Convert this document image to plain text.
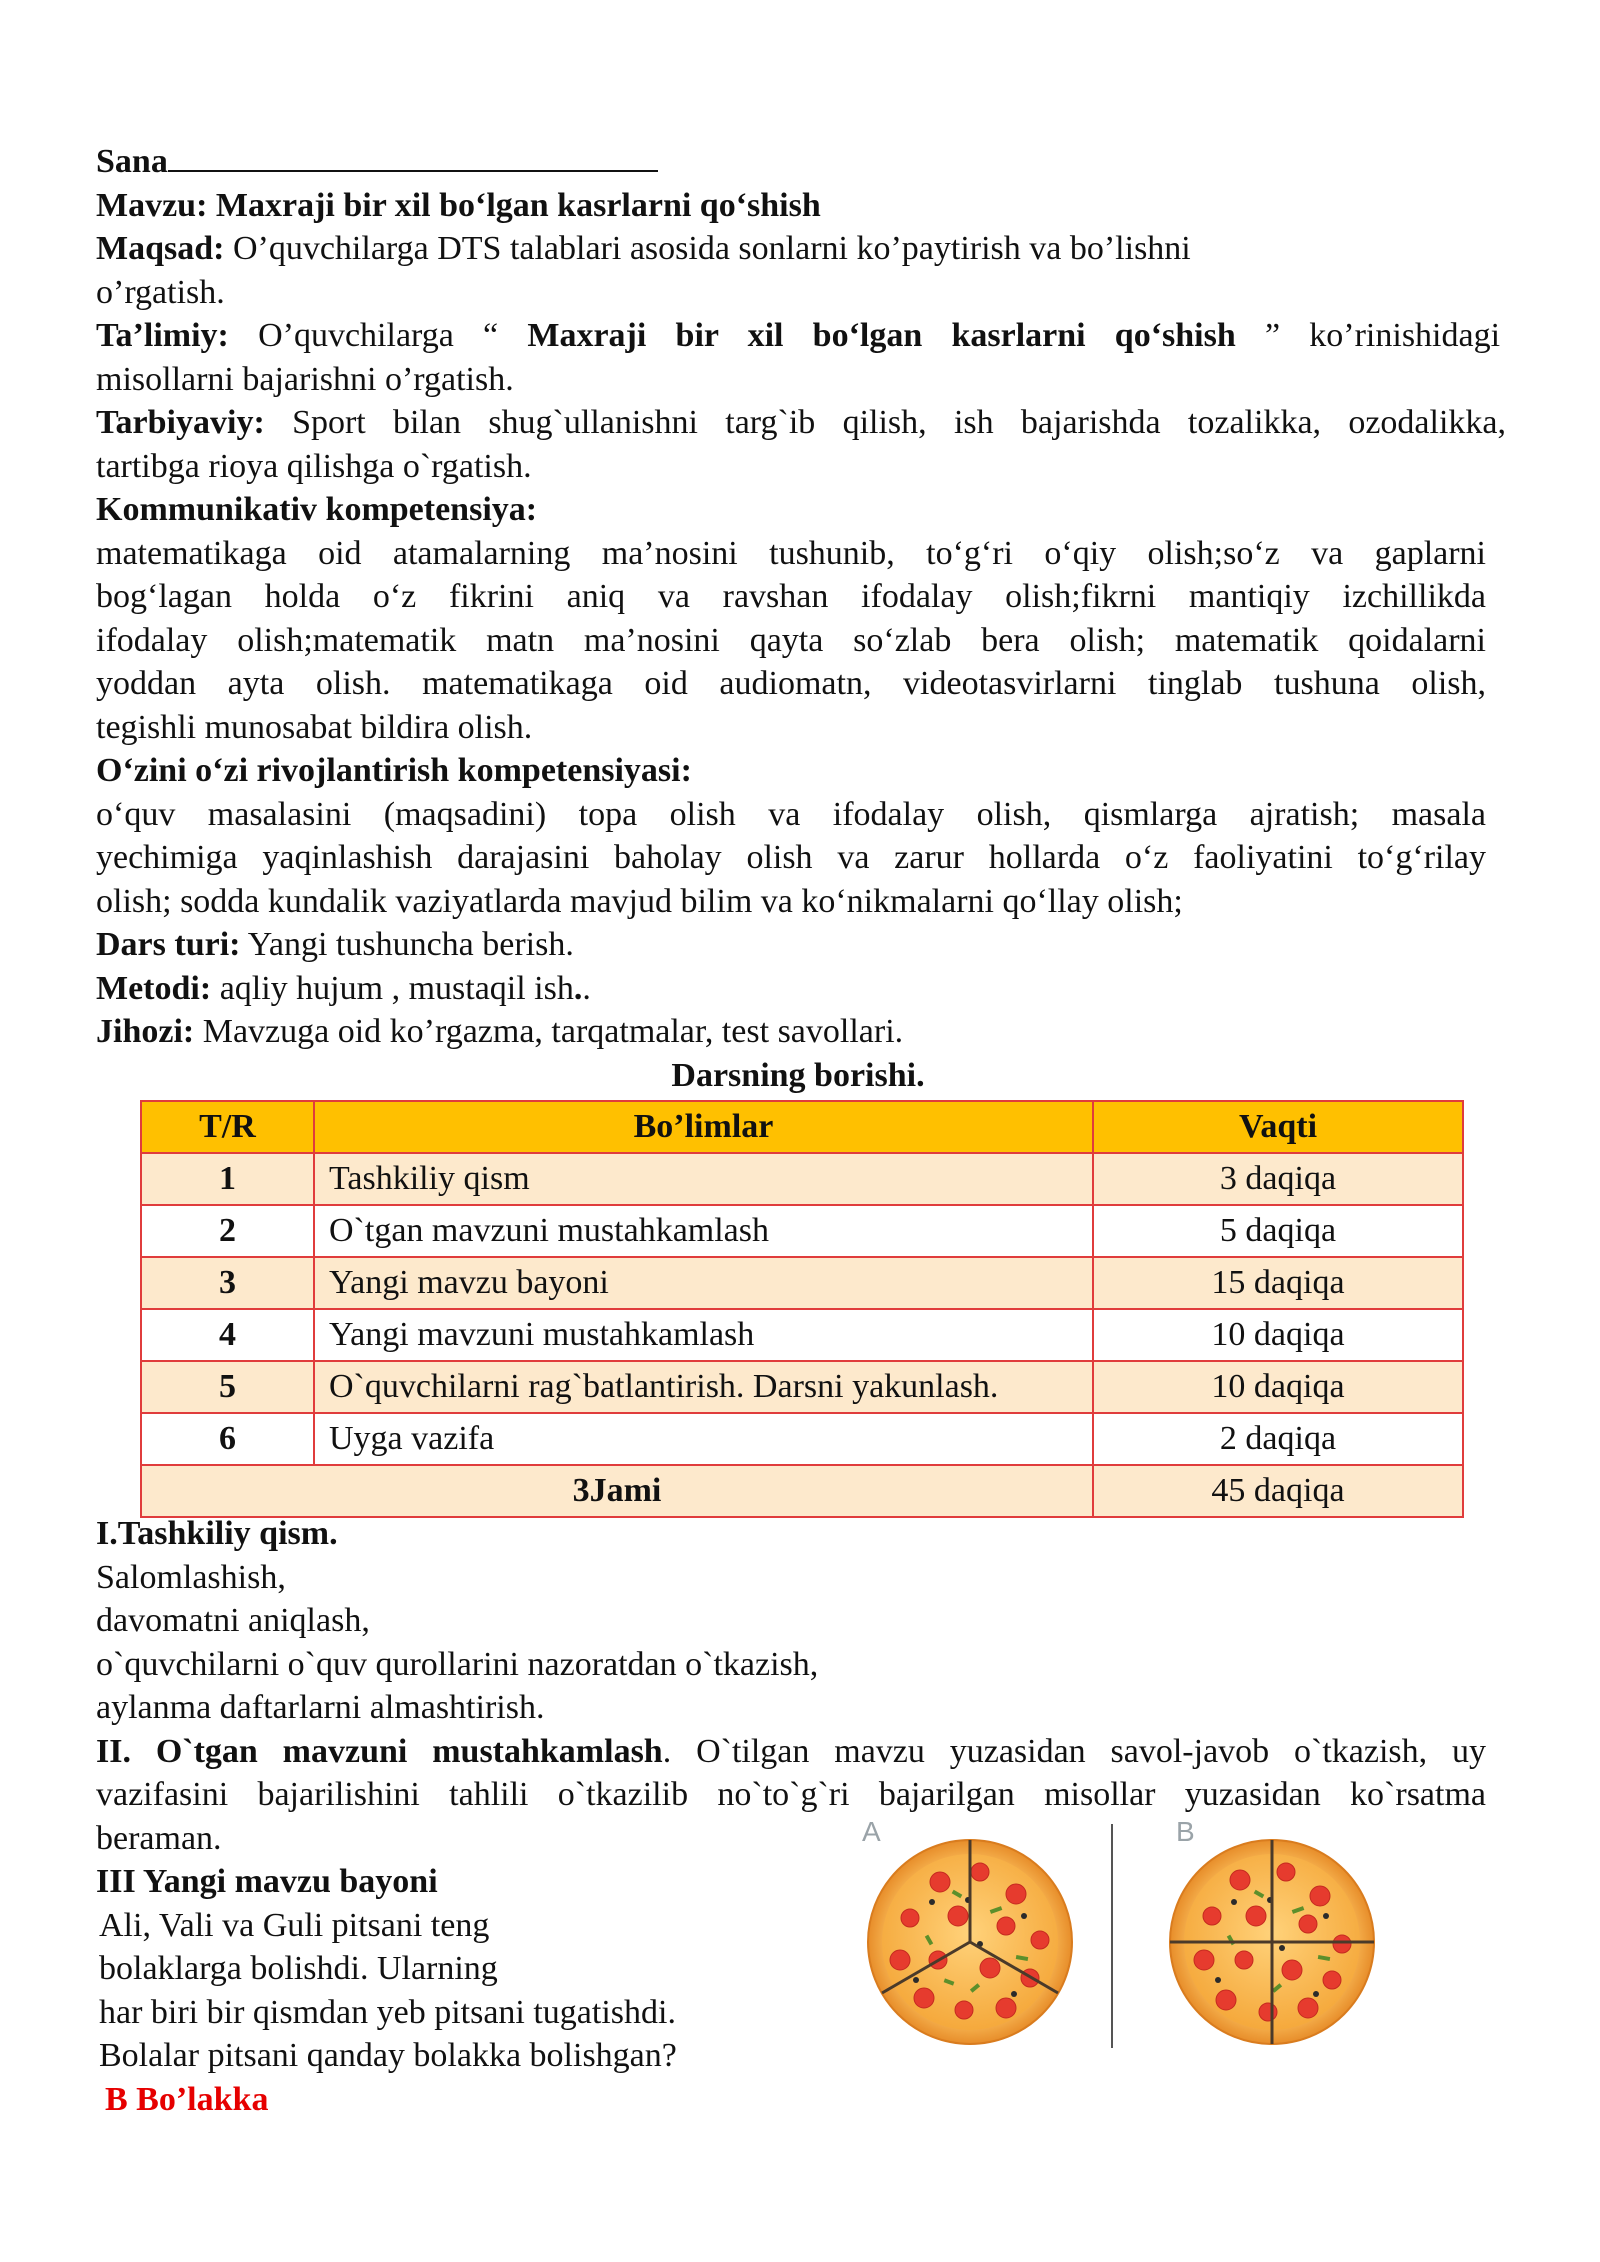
Sana
Mavzu: Maxraji bir xil bo‘lgan kasrlarni qo‘shish
Maqsad: O’quvchilarga DTS talablari asosida sonlarni ko’paytirish va bo’lishni
o’rgatish.
Ta’limiy: O’quvchilarga “ Maxraji bir xil bo‘lgan kasrlarni qo‘shish ” ko’rinishidagi
misollarni bajarishni o’rgatish.
Tarbiyaviy: Sport bilan shug`ullanishni targ`ib qilish, ish bajarishda tozalikka, ozodalikka,
tartibga rioya qilishga o`rgatish.
Kommunikativ kompetensiya:
matematikaga oid atamalarning ma’nosini tushunib, to‘g‘ri o‘qiy olish;so‘z va gaplarni
bog‘lagan holda o‘z fikrini aniq va ravshan ifodalay olish;fikrni mantiqiy izchillikda
ifodalay olish;matematik matn ma’nosini qayta so‘zlab bera olish; matematik qoidalarni
yoddan ayta olish. matematikaga oid audiomatn, videotasvirlarni tinglab tushuna olish,
tegishli munosabat bildira olish.
O‘zini o‘zi rivojlantirish kompetensiyasi:
o‘quv masalasini (maqsadini) topa olish va ifodalay olish, qismlarga ajratish; masala
yechimiga yaqinlashish darajasini baholay olish va zarur hollarda o‘z faoliyatini to‘g‘rilay
olish; sodda kundalik vaziyatlarda mavjud bilim va ko‘nikmalarni qo‘llay olish;
Dars turi: Yangi tushuncha berish.
Metodi: aqliy hujum , mustaqil ish..
Jihozi: Mavzuga oid ko’rgazma, tarqatmalar, test savollari.
Darsning borishi.
T/R	Bo’limlar	Vaqti
1	Tashkiliy qism	3 daqiqa
2	O`tgan mavzuni mustahkamlash	5 daqiqa
3	Yangi mavzu bayoni	15 daqiqa
4	Yangi mavzuni mustahkamlash	10 daqiqa
5	O`quvchilarni rag`batlantirish. Darsni yakunlash.	10 daqiqa
6	Uyga vazifa	2 daqiqa
3Jami		45 daqiqa
I.Tashkiliy qism.
Salomlashish,
davomatni aniqlash,
o`quvchilarni o`quv qurollarini nazoratdan o`tkazish,
aylanma daftarlarni almashtirish.
II. O`tgan mavzuni mustahkamlash. O`tilgan mavzu yuzasidan savol-javob o`tkazish, uy
vazifasini bajarilishini tahlili o`tkazilib no`to`g`ri bajarilgan misollar yuzasidan ko`rsatma
beraman.
III Yangi mavzu bayoni
Ali, Vali va Guli pitsani teng
bolaklarga bolishdi. Ularning
har biri bir qismdan yeb pitsani tugatishdi.
Bolalar pitsani qanday bolakka bolishgan?
B Bo’lakka
A	B
